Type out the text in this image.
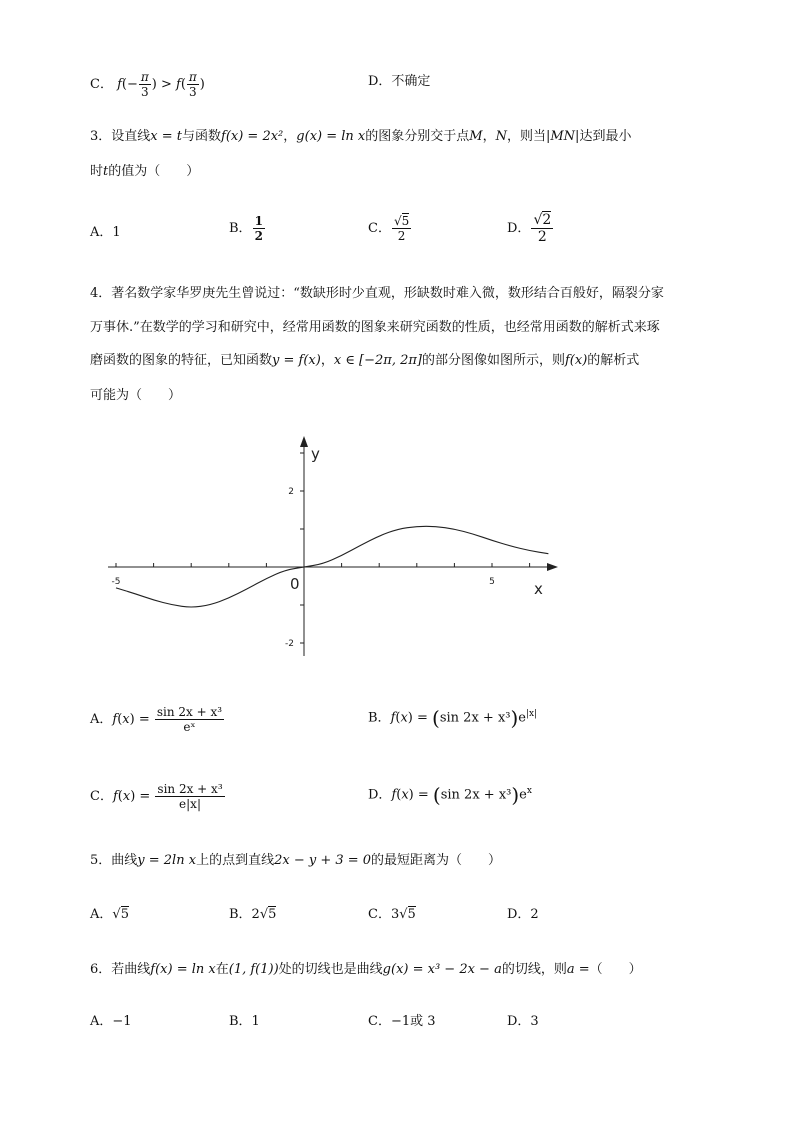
C． $f(- \frac{\pi}{3}$ ) > $f( \frac{\pi}{3}$ )	D．不确定
3．设直线x = t与函数f(x) = 2x²，g(x) = ln x的图象分别交于点M，N，则当|MN|达到最小
时t的值为（　　）
A．1	B． $\frac{1}{2}$	C． $\frac{√5}{2}$	D． $\frac{√2}{2}$
4．著名数学家华罗庚先生曾说过：“数缺形时少直观，形缺数时难入微，数形结合百般好，隔裂分家
万事休.”在数学的学习和研究中，经常用函数的图象来研究函数的性质，也经常用函数的解析式来琢
磨函数的图象的特征，已知函数y = f(x)，x ∈ [−2π, 2π]的部分图像如图所示，则f(x)的解析式
可能为（　　）
x
y
0
-5	5
2
-2
A．$f(x) = \frac{\text{sin 2x + x³}}{\text{eˣ}}$	B．f(x) = (sin $2x + x^3)e^{|x|}$
C．$f(x) = \frac{\text{sin 2x + x³}}{e|x|}$	D．f(x) = (sin $2x + x^3)e^x$
5．曲线y = 2ln x上的点到直线2x − y + 3 = 0的最短距离为（　　）
A．√5	B．2√5	C．3√5	D．2
6．若曲线f(x) = ln x在(1, f(1))处的切线也是曲线g(x) = x³ − 2x − a的切线，则a =（　　）
A．−1	B．1	C．−1或 3	D．3
